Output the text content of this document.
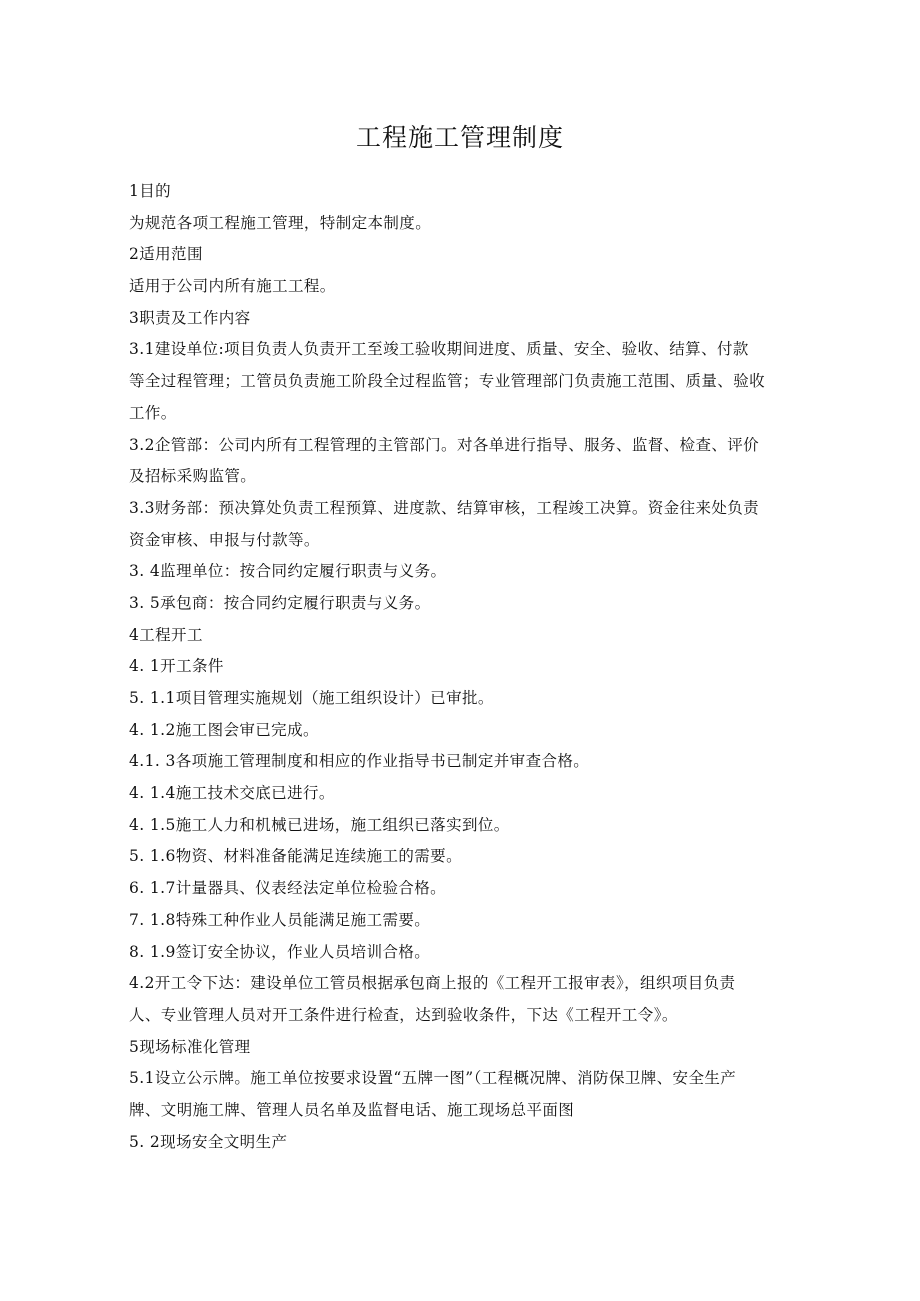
工程施工管理制度
1目的
为规范各项工程施工管理，特制定本制度。
2适用范围
适用于公司内所有施工工程。
3职责及工作内容
3.1建设单位:项目负责人负责开工至竣工验收期间进度、质量、安全、验收、结算、付款
等全过程管理；工管员负责施工阶段全过程监管；专业管理部门负责施工范围、质量、验收
工作。
3.2企管部：公司内所有工程管理的主管部门。对各单进行指导、服务、监督、检查、评价
及招标采购监管。
3.3财务部：预决算处负责工程预算、进度款、结算审核，工程竣工决算。资金往来处负责
资金审核、申报与付款等。
3. 4监理单位：按合同约定履行职责与义务。
3. 5承包商：按合同约定履行职责与义务。
4工程开工
4. 1开工条件
5. 1.1项目管理实施规划（施工组织设计）已审批。
4. 1.2施工图会审已完成。
4.1. 3各项施工管理制度和相应的作业指导书已制定并审查合格。
4. 1.4施工技术交底已进行。
4. 1.5施工人力和机械已进场，施工组织已落实到位。
5. 1.6物资、材料准备能满足连续施工的需要。
6. 1.7计量器具、仪表经法定单位检验合格。
7. 1.8特殊工种作业人员能满足施工需要。
8. 1.9签订安全协议，作业人员培训合格。
4.2开工令下达：建设单位工管员根据承包商上报的《工程开工报审表》，组织项目负责
人、专业管理人员对开工条件进行检查，达到验收条件，下达《工程开工令》。
5现场标准化管理
5.1设立公示牌。施工单位按要求设置“五牌一图”（工程概况牌、消防保卫牌、安全生产
牌、文明施工牌、管理人员名单及监督电话、施工现场总平面图
5. 2现场安全文明生产
